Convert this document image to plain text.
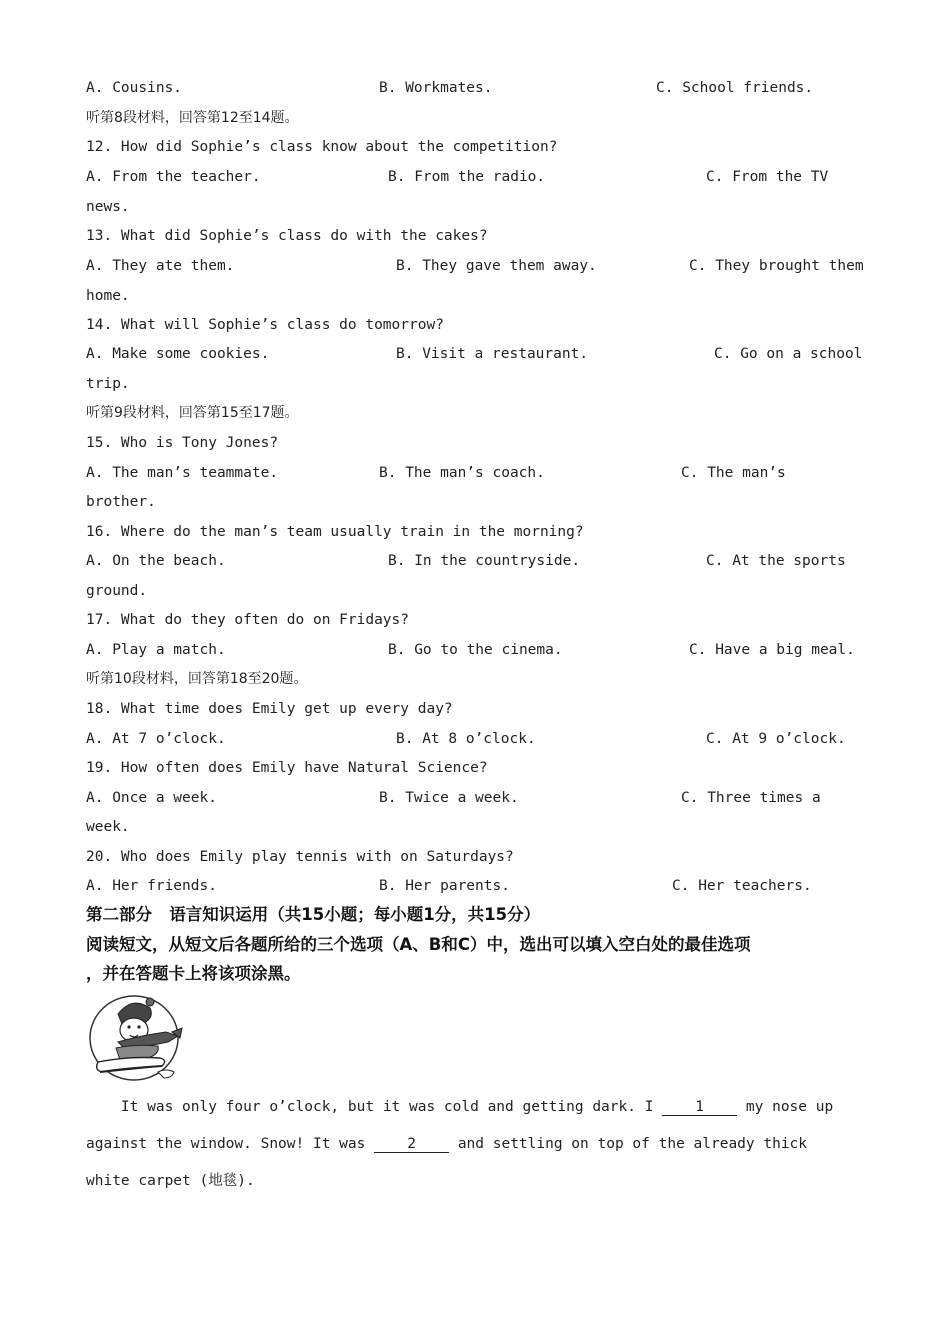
A. Cousins.	B. Workmates.	C. School friends.
听第8段材料，回答第12至14题。
12. How did Sophie’s class know about the competition?
A. From the teacher.	B. From the radio.	C. From the TV
news.
13. What did Sophie’s class do with the cakes?
A. They ate them.	B. They gave them away.	C. They brought them
home.
14. What will Sophie’s class do tomorrow?
A. Make some cookies.	B. Visit a restaurant.	C. Go on a school
trip.
听第9段材料，回答第15至17题。
15. Who is Tony Jones?
A. The man’s teammate.	B. The man’s coach.	C. The man’s
brother.
16. Where do the man’s team usually train in the morning?
A. On the beach.	B. In the countryside.	C. At the sports
ground.
17. What do they often do on Fridays?
A. Play a match.	B. Go to the cinema.	C. Have a big meal.
听第10段材料，回答第18至20题。
18. What time does Emily get up every day?
A. At 7 o’clock.	B. At 8 o’clock.	C. At 9 o’clock.
19. How often does Emily have Natural Science?
A. Once a week.	B. Twice a week.	C. Three times a
week.
20. Who does Emily play tennis with on Saturdays?
A. Her friends.	B. Her parents.	C. Her teachers.
第二部分   语言知识运用（共15小题；每小题1分，共15分）
阅读短文，从短文后各题所给的三个选项（A、B和C）中，选出可以填入空白处的最佳选项
，并在答题卡上将该项涂黑。
It was only four o’clock, but it was cold and getting dark. I 1 my nose up against the window. Snow! It was 2 and settling on top of the already thick white carpet (地毯).
